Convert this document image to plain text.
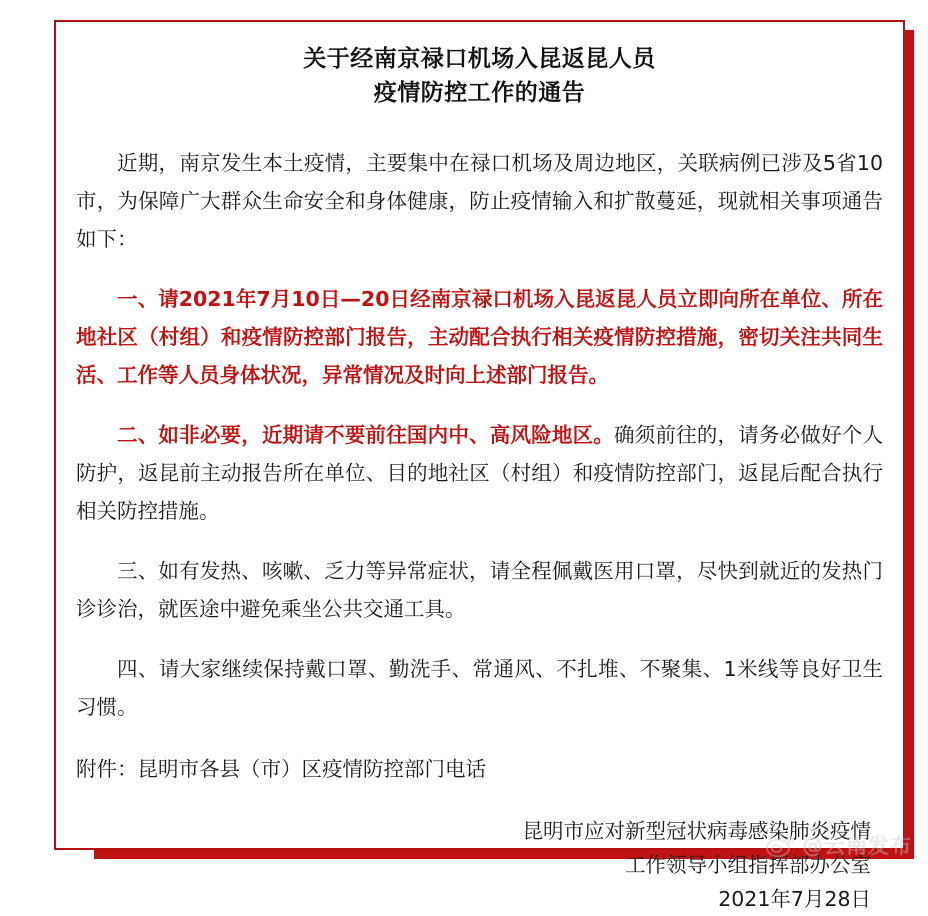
关于经南京禄口机场入昆返昆人员
疫情防控工作的通告

近期，南京发生本土疫情，主要集中在禄口机场及周边地区，关联病例已涉及5省10市，为保障广大群众生命安全和身体健康，防止疫情输入和扩散蔓延，现就相关事项通告如下：

一、请2021年7月10日—20日经南京禄口机场入昆返昆人员立即向所在单位、所在地社区（村组）和疫情防控部门报告，主动配合执行相关疫情防控措施，密切关注共同生活、工作等人员身体状况，异常情况及时向上述部门报告。

二、如非必要，近期请不要前往国内中、高风险地区。确须前往的，请务必做好个人防护，返昆前主动报告所在单位、目的地社区（村组）和疫情防控部门，返昆后配合执行相关防控措施。

三、如有发热、咳嗽、乏力等异常症状，请全程佩戴医用口罩，尽快到就近的发热门诊诊治，就医途中避免乘坐公共交通工具。

四、请大家继续保持戴口罩、勤洗手、常通风、不扎堆、不聚集、1米线等良好卫生习惯。

附件：昆明市各县（市）区疫情防控部门电话

昆明市应对新型冠状病毒感染肺炎疫情
工作领导小组指挥部办公室
2021年7月28日
@云南发布
